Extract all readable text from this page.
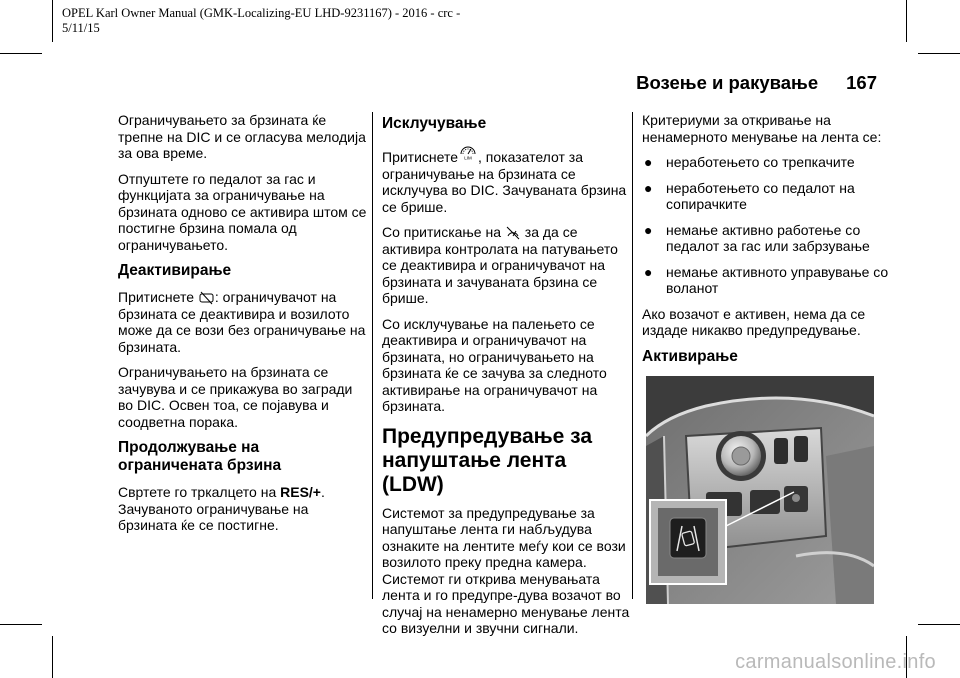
OPEL Karl Owner Manual (GMK-Localizing-EU LHD-9231167) - 2016 - crc -
5/11/15
Возење и ракување 167
Ограничувањето за брзината ќе трепне на DIC и се огласува мелодија за ова време.
Отпуштете го педалот за гас и функцијата за ограничување на брзината одново се активира штом се постигне брзина помала од ограничувањето.
Деактивирање
Притиснете : ограничувачот на брзината се деактивира и возилото може да се вози без ограничување на брзината.
Ограничувањето на брзината се зачувува и се прикажува во загради во DIC. Освен тоа, се појавува и соодветна порака.
Продолжување на ограничената брзина
Свртете го тркалцето на RES/+. Зачуваното ограничување на брзината ќе се постигне.
Исклучување
Притиснете LIM , показателот за ограничување на брзината се исклучува во DIC. Зачуваната брзина се брише.
Со притискање на  за да се активира контролата на патувањето се деактивира и ограничувачот на брзината и зачуваната брзина се брише.
Со исклучување на палењето се деактивира и ограничувачот на брзината, но ограничувањето на брзината ќе се зачува за следното активирање на ограничувачот на брзината.
Предупредување за напуштање лента (LDW)
Системот за предупредување за напуштање лента ги набљудува ознаките на лентите меѓу кои се вози возилото преку предна камера. Системот ги открива менувањата лента и го предупре-дува возачот во случај на ненамерно менување лента со визуелни и звучни сигнали.
Критериуми за откривање на ненамерното менување на лента се:
● неработењето со трепкачите
● неработењето со педалот на сопирачките
● немање активно работење со педалот за гас или забрзување
● немање активното управување со воланот
Ако возачот е активен, нема да се издаде никакво предупредување.
Активирање
carmanualsonline.info
